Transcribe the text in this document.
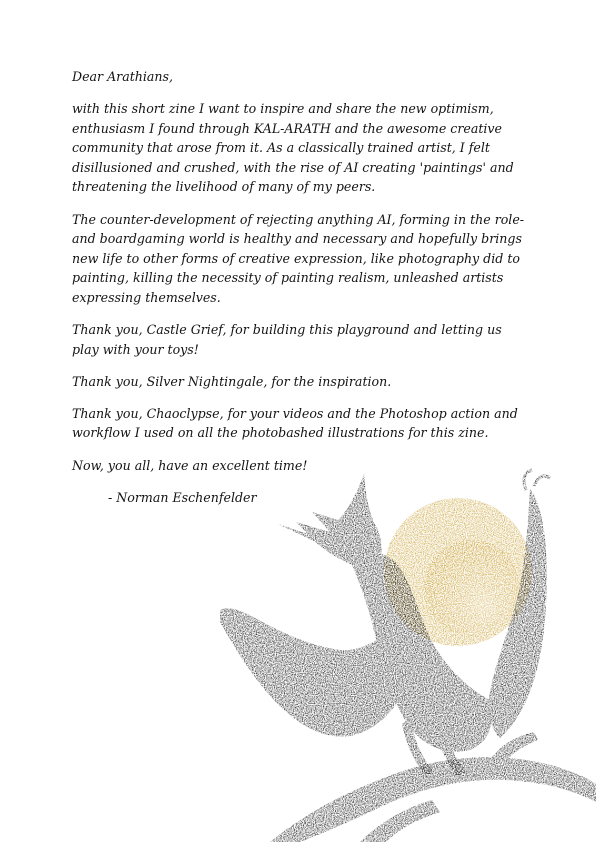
Dear Arathians,

with this short zine I want to inspire and share the new optimism, enthusiasm I found through KAL-ARATH and the awesome creative community that arose from it. As a classically trained artist, I felt disillusioned and crushed, with the rise of AI creating 'paintings' and threatening the livelihood of many of my peers.

The counter-development of rejecting anything AI, forming in the role- and boardgaming world is healthy and necessary and hopefully brings new life to other forms of creative expression, like photography did to painting, killing the necessity of painting realism, unleashed artists expressing themselves.

Thank you, Castle Grief, for building this playground and letting us play with your toys!

Thank you, Silver Nightingale, for the inspiration.

Thank you, Chaoclypse, for your videos and the Photoshop action and workflow I used on all the photobashed illustrations for this zine.

Now, you all, have an excellent time!

- Norman Eschenfelder
